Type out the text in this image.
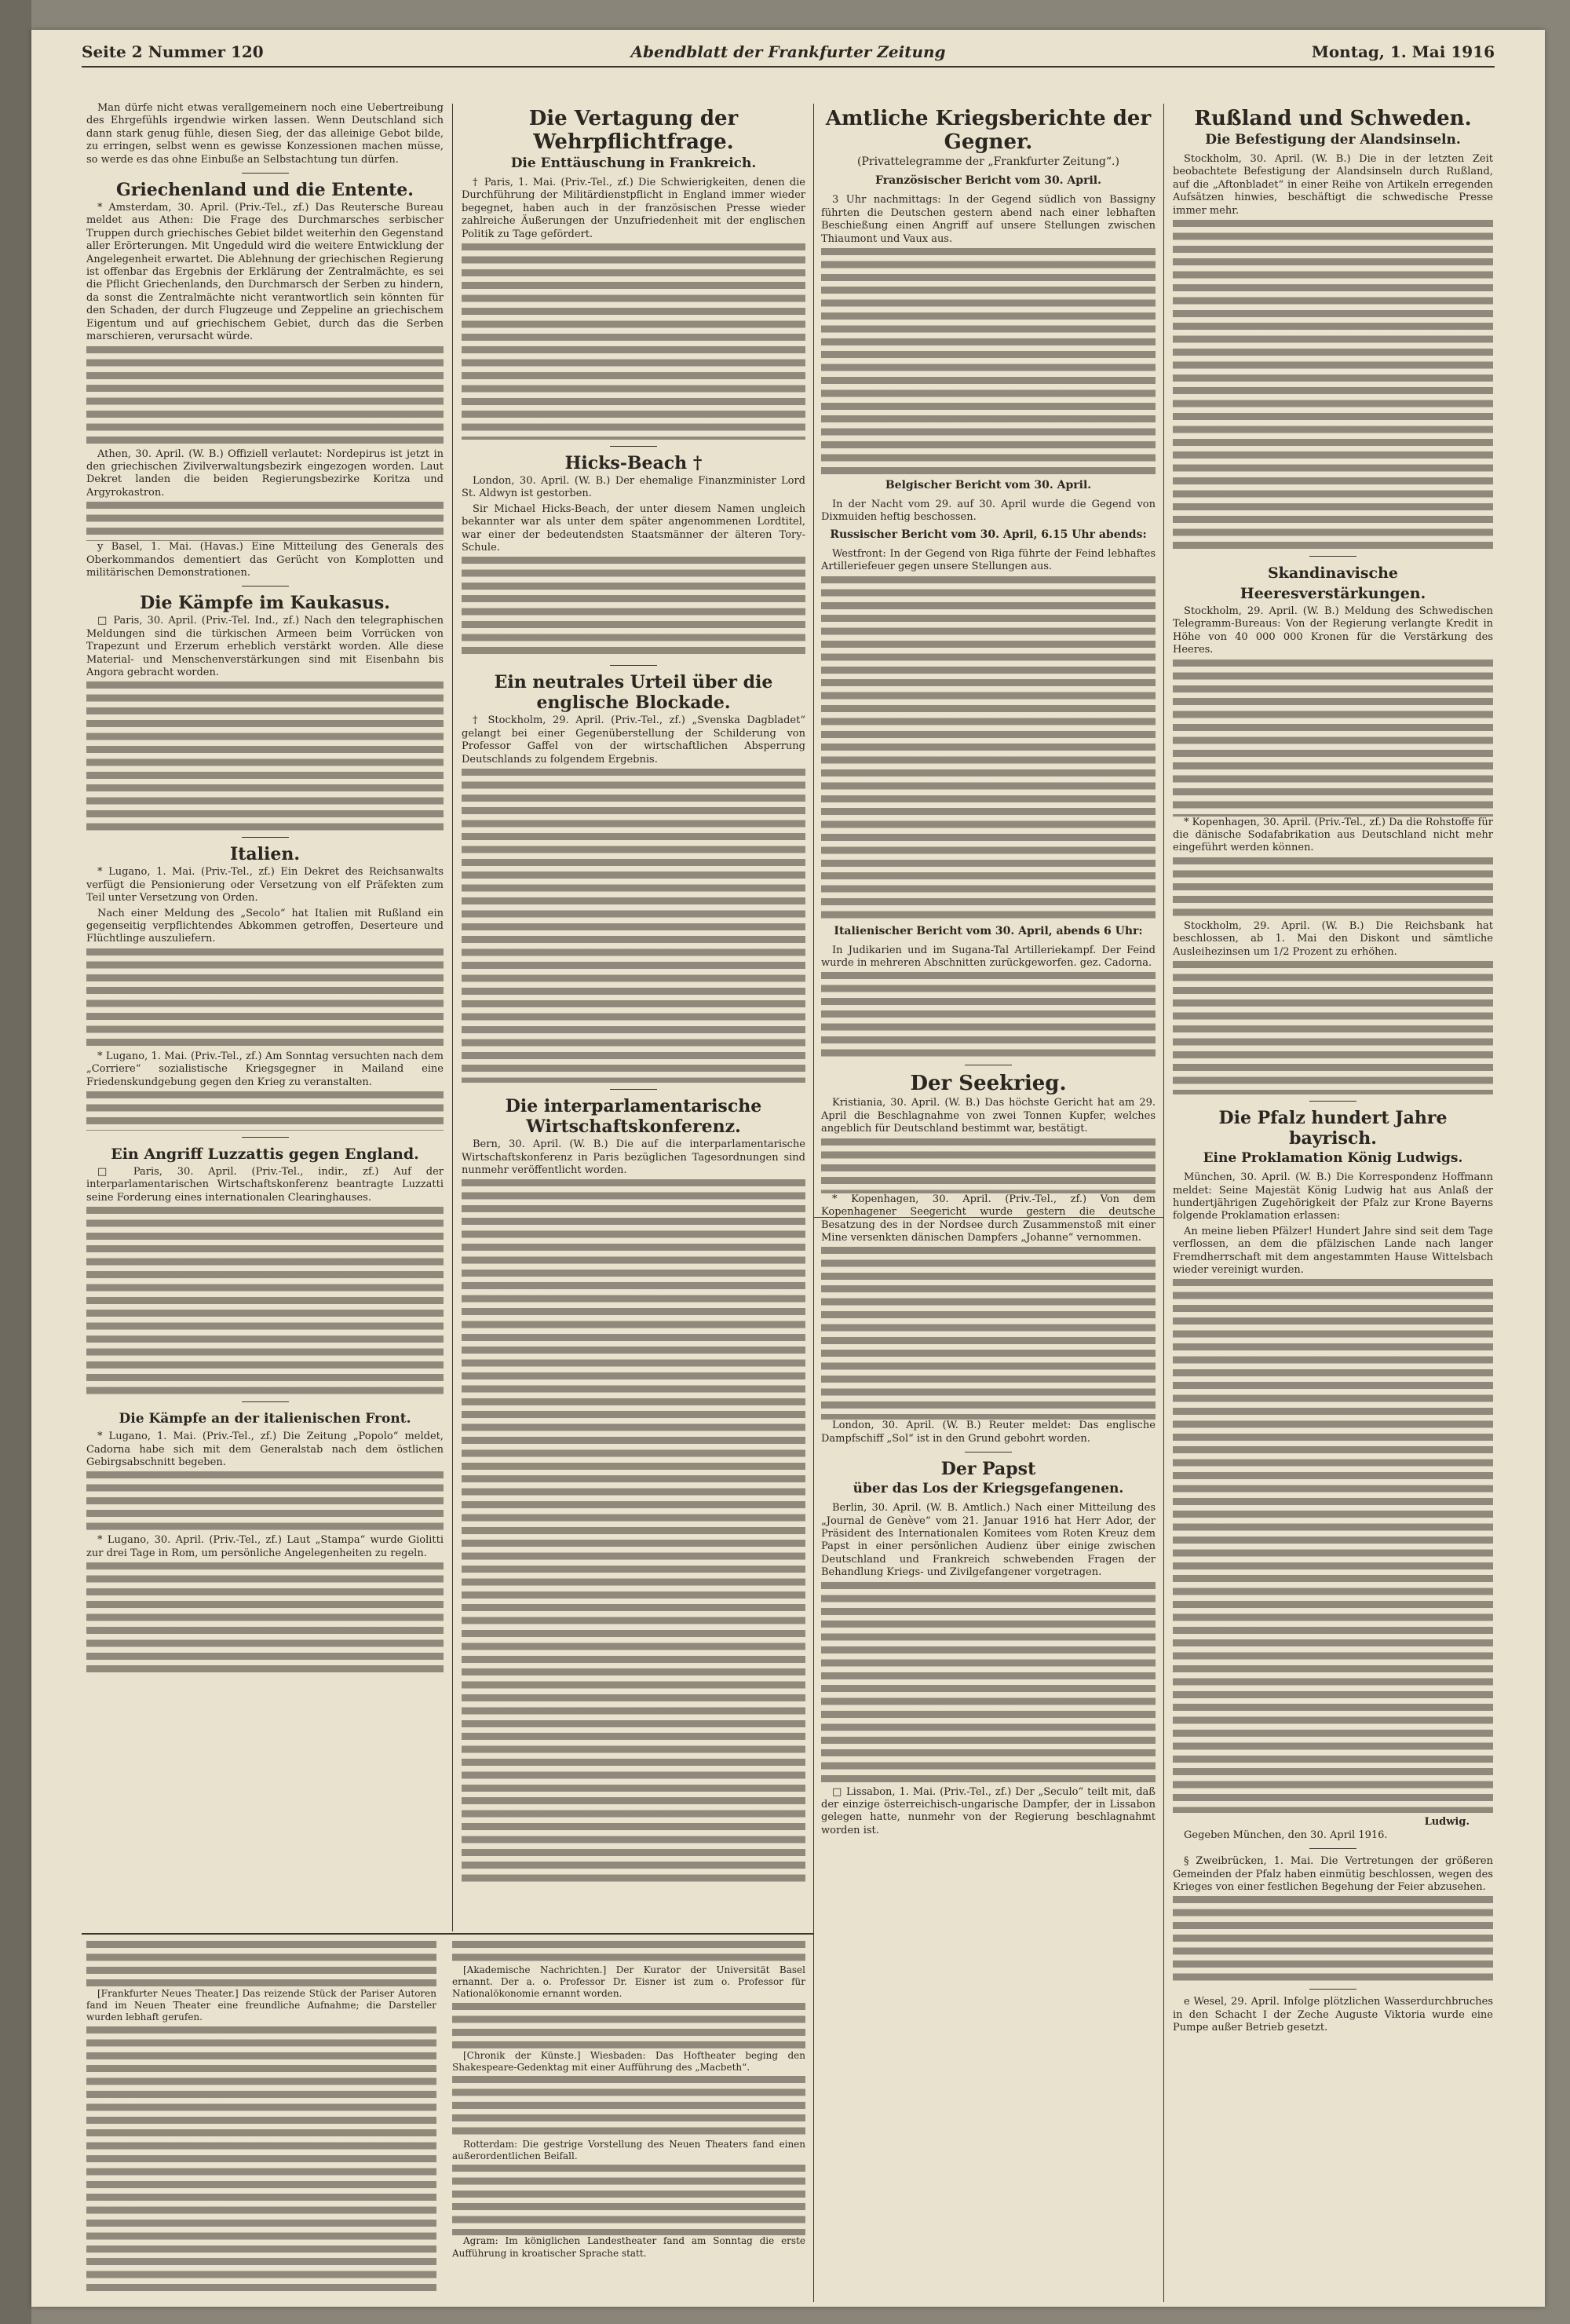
Seite 2 Nummer 120	Abendblatt der Frankfurter Zeitung	Montag, 1. Mai 1916

Man dürfe nicht etwas verallgemeinern noch eine Uebertreibung des Ehrgefühls irgendwie wirken lassen. Wenn Deutschland sich dann stark genug fühle, diesen Sieg, der das alleinige Gebot bilde, zu erringen, selbst wenn es gewisse Konzessionen machen müsse, so werde es das ohne Einbuße an Selbstachtung tun dürfen.

Griechenland und die Entente.

* Amsterdam, 30. April. (Priv.-Tel., zf.) Das Reutersche Bureau meldet aus Athen: Die Frage des Durchmarsches serbischer Truppen durch griechisches Gebiet bildet weiterhin den Gegenstand aller Erörterungen. Mit Ungeduld wird die weitere Entwicklung der Angelegenheit erwartet. Die Ablehnung der griechischen Regierung ist offenbar das Ergebnis der Erklärung der Zentralmächte, es sei die Pflicht Griechenlands, den Durchmarsch der Serben zu hindern, da sonst die Zentralmächte nicht verantwortlich sein könnten für den Schaden, der durch Flugzeuge und Zeppeline an griechischem Eigentum und auf griechischem Gebiet, durch das die Serben marschieren, verursacht würde.

Athen, 30. April. (W. B.) Offiziell verlautet: Nordepirus ist jetzt in den griechischen Zivilverwaltungsbezirk eingezogen worden. Laut Dekret landen die beiden Regierungsbezirke Koritza und Argyrokastron.

y Basel, 1. Mai. (Havas.) Eine Mitteilung des Generals des Oberkommandos dementiert das Gerücht von Komplotten und militärischen Demonstrationen.

Die Kämpfe im Kaukasus.

□ Paris, 30. April. (Priv.-Tel. Ind., zf.) Nach den telegraphischen Meldungen sind die türkischen Armeen beim Vorrücken von Trapezunt und Erzerum erheblich verstärkt worden. Alle diese Material- und Menschenverstärkungen sind mit Eisenbahn bis Angora gebracht worden.

Italien.

* Lugano, 1. Mai. (Priv.-Tel., zf.) Ein Dekret des Reichsanwalts verfügt die Pensionierung oder Versetzung von elf Präfekten zum Teil unter Versetzung von Orden.

Nach einer Meldung des „Secolo“ hat Italien mit Rußland ein gegenseitig verpflichtendes Abkommen getroffen, Deserteure und Flüchtlinge auszuliefern.

* Lugano, 1. Mai. (Priv.-Tel., zf.) Am Sonntag versuchten nach dem „Corriere“ sozialistische Kriegsgegner in Mailand eine Friedenskundgebung gegen den Krieg zu veranstalten.

Ein Angriff Luzzattis gegen England.

□ Paris, 30. April. (Priv.-Tel., indir., zf.) Auf der interparlamentarischen Wirtschaftskonferenz beantragte Luzzatti seine Forderung eines internationalen Clearinghauses.

Die Kämpfe an der italienischen Front.

* Lugano, 1. Mai. (Priv.-Tel., zf.) Die Zeitung „Popolo“ meldet, Cadorna habe sich mit dem Generalstab nach dem östlichen Gebirgsabschnitt begeben.

* Lugano, 30. April. (Priv.-Tel., zf.) Laut „Stampa“ wurde Giolitti zur drei Tage in Rom, um persönliche Angelegenheiten zu regeln.

Die Vertagung der Wehrpflichtfrage.
Die Enttäuschung in Frankreich.

† Paris, 1. Mai. (Priv.-Tel., zf.) Die Schwierigkeiten, denen die Durchführung der Militärdienstpflicht in England immer wieder begegnet, haben auch in der französischen Presse wieder zahlreiche Äußerungen der Unzufriedenheit mit der englischen Politik zu Tage gefördert.

Hicks-Beach †

London, 30. April. (W. B.) Der ehemalige Finanzminister Lord St. Aldwyn ist gestorben.

Sir Michael Hicks-Beach, der unter diesem Namen ungleich bekannter war als unter dem später angenommenen Lordtitel, war einer der bedeutendsten Staatsmänner der älteren Tory-Schule.

Ein neutrales Urteil über die englische Blockade.

† Stockholm, 29. April. (Priv.-Tel., zf.) „Svenska Dagbladet“ gelangt bei einer Gegenüberstellung der Schilderung von Professor Gaffel von der wirtschaftlichen Absperrung Deutschlands zu folgendem Ergebnis.

Die interparlamentarische Wirtschaftskonferenz.

Bern, 30. April. (W. B.) Die auf die interparlamentarische Wirtschaftskonferenz in Paris bezüglichen Tagesordnungen sind nunmehr veröffentlicht worden.

Amtliche Kriegsberichte der Gegner.
(Privattelegramme der „Frankfurter Zeitung“.)
Französischer Bericht vom 30. April.

3 Uhr nachmittags: In der Gegend südlich von Bassigny führten die Deutschen gestern abend nach einer lebhaften Beschießung einen Angriff auf unsere Stellungen zwischen Thiaumont und Vaux aus.

Belgischer Bericht vom 30. April.

In der Nacht vom 29. auf 30. April wurde die Gegend von Dixmuiden heftig beschossen.

Russischer Bericht vom 30. April, 6.15 Uhr abends:

Westfront: In der Gegend von Riga führte der Feind lebhaftes Artilleriefeuer gegen unsere Stellungen aus.

Italienischer Bericht vom 30. April, abends 6 Uhr:

In Judikarien und im Sugana-Tal Artilleriekampf. Der Feind wurde in mehreren Abschnitten zurückgeworfen. gez. Cadorna.

Der Seekrieg.

Kristiania, 30. April. (W. B.) Das höchste Gericht hat am 29. April die Beschlagnahme von zwei Tonnen Kupfer, welches angeblich für Deutschland bestimmt war, bestätigt.

* Kopenhagen, 30. April. (Priv.-Tel., zf.) Von dem Kopenhagener Seegericht wurde gestern die deutsche Besatzung des in der Nordsee durch Zusammenstoß mit einer Mine versenkten dänischen Dampfers „Johanne“ vernommen.

London, 30. April. (W. B.) Reuter meldet: Das englische Dampfschiff „Sol“ ist in den Grund gebohrt worden.

Der Papst
über das Los der Kriegsgefangenen.

Berlin, 30. April. (W. B. Amtlich.) Nach einer Mitteilung des „Journal de Genève“ vom 21. Januar 1916 hat Herr Ador, der Präsident des Internationalen Komitees vom Roten Kreuz dem Papst in einer persönlichen Audienz über einige zwischen Deutschland und Frankreich schwebenden Fragen der Behandlung Kriegs- und Zivilgefangener vorgetragen.

□ Lissabon, 1. Mai. (Priv.-Tel., zf.) Der „Seculo“ teilt mit, daß der einzige österreichisch-ungarische Dampfer, der in Lissabon gelegen hatte, nunmehr von der Regierung beschlagnahmt worden ist.

Rußland und Schweden.
Die Befestigung der Alandsinseln.

Stockholm, 30. April. (W. B.) Die in der letzten Zeit beobachtete Befestigung der Alandsinseln durch Rußland, auf die „Aftonbladet“ in einer Reihe von Artikeln erregenden Aufsätzen hinwies, beschäftigt die schwedische Presse immer mehr.

Skandinavische Heeresverstärkungen.

Stockholm, 29. April. (W. B.) Meldung des Schwedischen Telegramm-Bureaus: Von der Regierung verlangte Kredit in Höhe von 40 000 000 Kronen für die Verstärkung des Heeres.

* Kopenhagen, 30. April. (Priv.-Tel., zf.) Da die Rohstoffe für die dänische Sodafabrikation aus Deutschland nicht mehr eingeführt werden können.

Stockholm, 29. April. (W. B.) Die Reichsbank hat beschlossen, ab 1. Mai den Diskont und sämtliche Ausleihezinsen um 1/2 Prozent zu erhöhen.

Die Pfalz hundert Jahre bayrisch.
Eine Proklamation König Ludwigs.

München, 30. April. (W. B.) Die Korrespondenz Hoffmann meldet: Seine Majestät König Ludwig hat aus Anlaß der hundertjährigen Zugehörigkeit der Pfalz zur Krone Bayerns folgende Proklamation erlassen:

An meine lieben Pfälzer! Hundert Jahre sind seit dem Tage verflossen, an dem die pfälzischen Lande nach langer Fremdherrschaft mit dem angestammten Hause Wittelsbach wieder vereinigt wurden.

Ludwig.

Gegeben München, den 30. April 1916.

§ Zweibrücken, 1. Mai. Die Vertretungen der größeren Gemeinden der Pfalz haben einmütig beschlossen, wegen des Krieges von einer festlichen Begehung der Feier abzusehen.

e Wesel, 29. April. Infolge plötzlichen Wasserdurchbruches in den Schacht I der Zeche Auguste Viktoria wurde eine Pumpe außer Betrieb gesetzt.

[Frankfurter Neues Theater.] Das reizende Stück der Pariser Autoren fand im Neuen Theater eine freundliche Aufnahme; die Darsteller wurden lebhaft gerufen.

[Akademische Nachrichten.] Der Kurator der Universität Basel ernannt. Der a. o. Professor Dr. Eisner ist zum o. Professor für Nationalökonomie ernannt worden.

[Chronik der Künste.] Wiesbaden: Das Hoftheater beging den Shakespeare-Gedenktag mit einer Aufführung des „Macbeth“.

Rotterdam: Die gestrige Vorstellung des Neuen Theaters fand einen außerordentlichen Beifall.

Agram: Im königlichen Landestheater fand am Sonntag die erste Aufführung in kroatischer Sprache statt.
